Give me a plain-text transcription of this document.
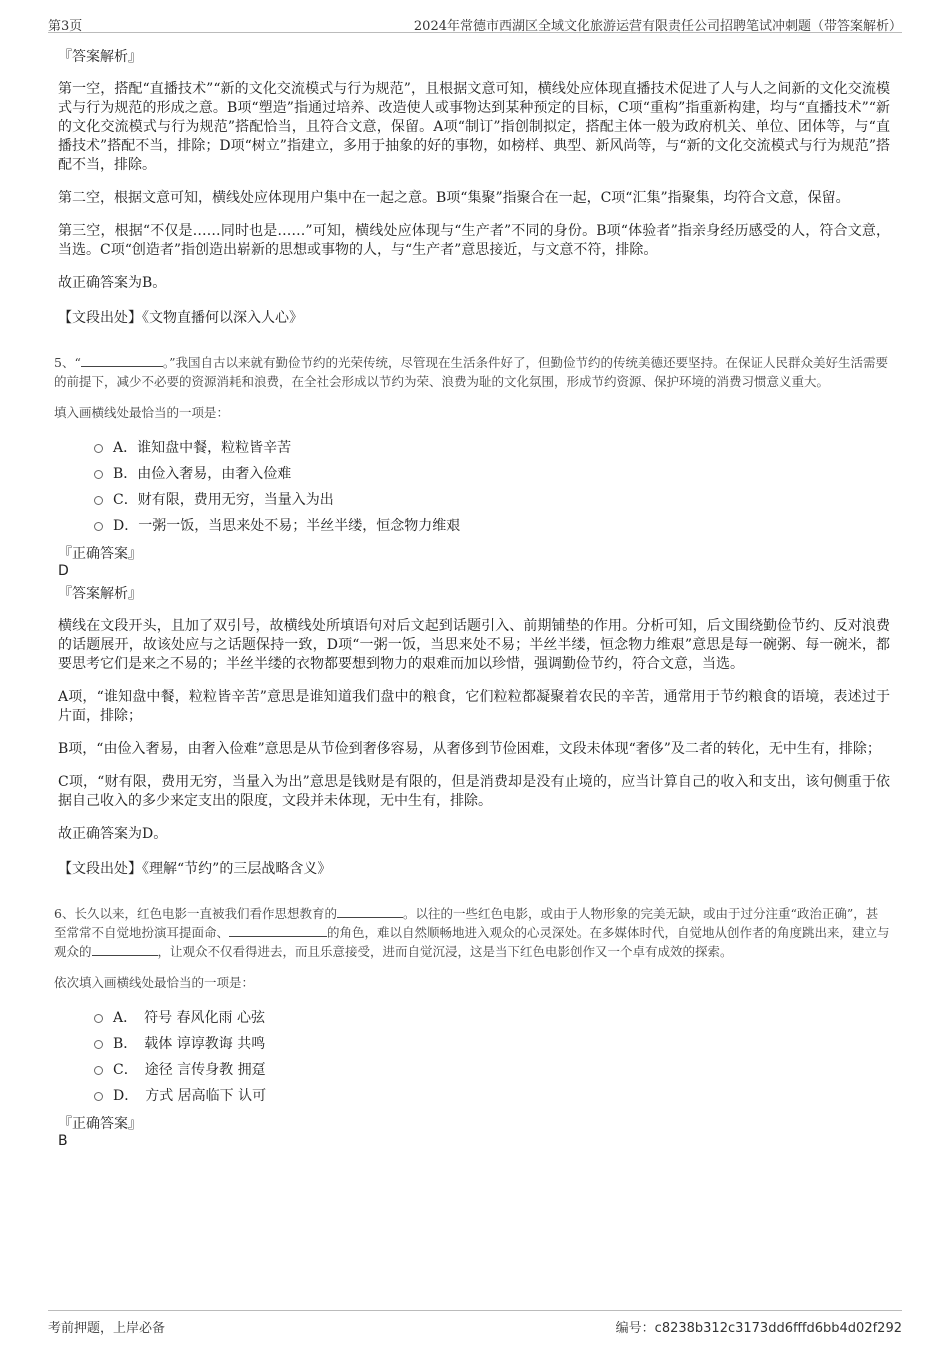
第3页	2024年常德市西湖区全域文化旅游运营有限责任公司招聘笔试冲刺题（带答案解析）
『答案解析』
第一空，搭配“直播技术”“新的文化交流模式与行为规范”，且根据文意可知，横线处应体现直播技术促进了人与人之间新的文化交流模式与行为规范的形成之意。B项“塑造”指通过培养、改造使人或事物达到某种预定的目标，C项“重构”指重新构建，均与“直播技术”“新的文化交流模式与行为规范”搭配恰当，且符合文意，保留。A项“制订”指创制拟定，搭配主体一般为政府机关、单位、团体等，与“直播技术”搭配不当，排除；D项“树立”指建立，多用于抽象的好的事物，如榜样、典型、新风尚等，与“新的文化交流模式与行为规范”搭配不当，排除。
第二空，根据文意可知，横线处应体现用户集中在一起之意。B项“集聚”指聚合在一起，C项“汇集”指聚集，均符合文意，保留。
第三空，根据“不仅是……同时也是……”可知，横线处应体现与“生产者”不同的身份。B项“体验者”指亲身经历感受的人，符合文意，当选。C项“创造者”指创造出崭新的思想或事物的人，与“生产者”意思接近，与文意不符，排除。
故正确答案为B。
【文段出处】《文物直播何以深入人心》
5、“	。”我国自古以来就有勤俭节约的光荣传统，尽管现在生活条件好了，但勤俭节约的传统美德还要坚持。在保证人民群众美好生活需要的前提下，减少不必要的资源消耗和浪费，在全社会形成以节约为荣、浪费为耻的文化氛围，形成节约资源、保护环境的消费习惯意义重大。
填入画横线处最恰当的一项是：
A．谁知盘中餐，粒粒皆辛苦
B．由俭入奢易，由奢入俭难
C．财有限，费用无穷，当量入为出
D．一粥一饭，当思来处不易；半丝半缕，恒念物力维艰
『正确答案』
D
『答案解析』
横线在文段开头，且加了双引号，故横线处所填语句对后文起到话题引入、前期铺垫的作用。分析可知，后文围绕勤俭节约、反对浪费的话题展开，故该处应与之话题保持一致，D项“一粥一饭，当思来处不易；半丝半缕，恒念物力维艰”意思是每一碗粥、每一碗米，都要思考它们是来之不易的；半丝半缕的衣物都要想到物力的艰难而加以珍惜，强调勤俭节约，符合文意，当选。
A项，“谁知盘中餐，粒粒皆辛苦”意思是谁知道我们盘中的粮食，它们粒粒都凝聚着农民的辛苦，通常用于节约粮食的语境，表述过于片面，排除；
B项，“由俭入奢易，由奢入俭难”意思是从节俭到奢侈容易，从奢侈到节俭困难，文段未体现“奢侈”及二者的转化，无中生有，排除；
C项，“财有限，费用无穷，当量入为出”意思是钱财是有限的，但是消费却是没有止境的，应当计算自己的收入和支出，该句侧重于依据自己收入的多少来定支出的限度，文段并未体现，无中生有，排除。
故正确答案为D。
【文段出处】《理解“节约”的三层战略含义》
6、长久以来，红色电影一直被我们看作思想教育的	。以往的一些红色电影，或由于人物形象的完美无缺，或由于过分注重“政治正确”，甚至常常不自觉地扮演耳提面命、	的角色，难以自然顺畅地进入观众的心灵深处。在多媒体时代，自觉地从创作者的角度跳出来，建立与观众的	，让观众不仅看得进去，而且乐意接受，进而自觉沉浸，这是当下红色电影创作又一个卓有成效的探索。
依次填入画横线处最恰当的一项是：
A．　符号 春风化雨 心弦
B．　载体 谆谆教诲 共鸣
C．　途径 言传身教 拥趸
D．　方式 居高临下 认可
『正确答案』
B
考前押题，上岸必备	编号：c8238b312c3173dd6fffd6bb4d02f292
